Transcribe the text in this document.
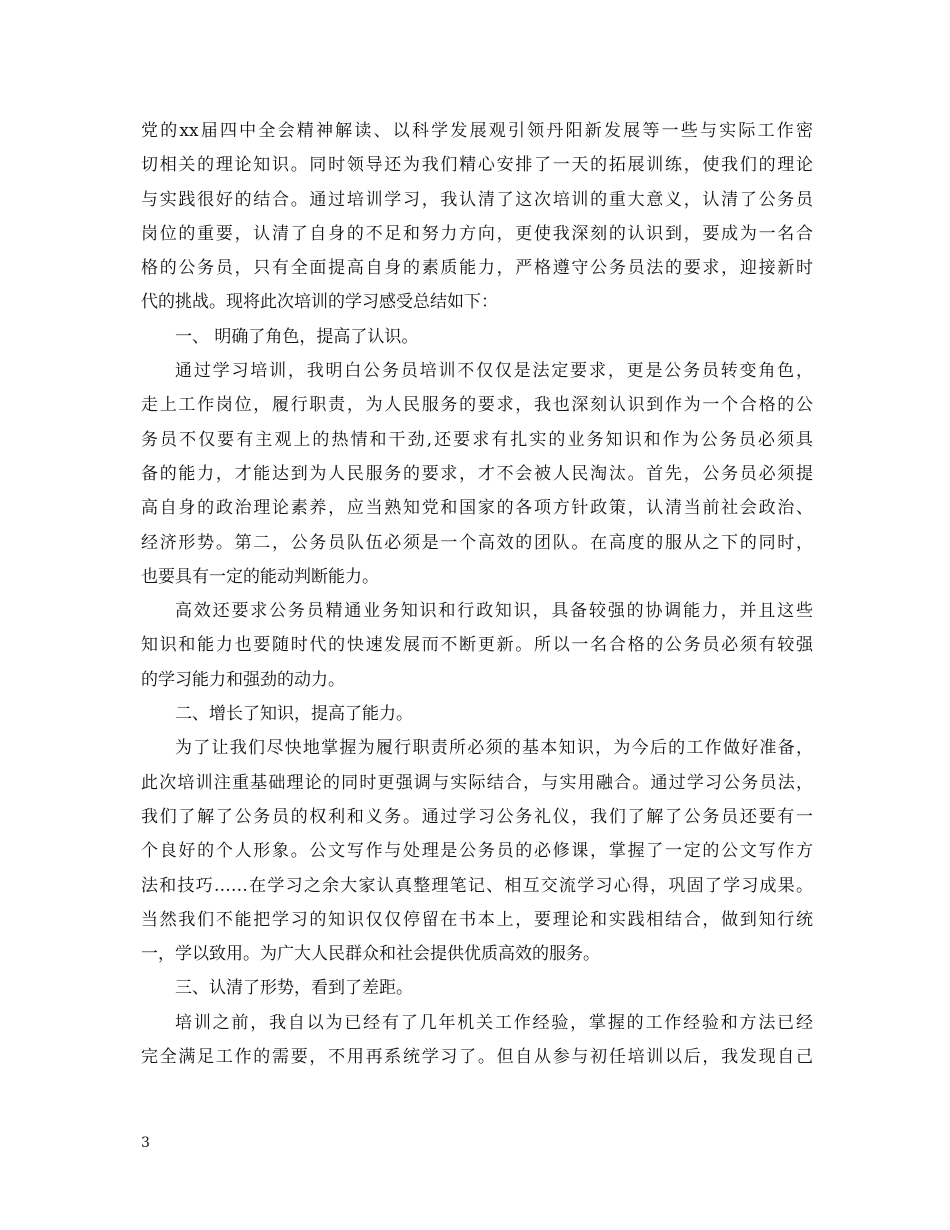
党的xx届四中全会精神解读、以科学发展观引领丹阳新发展等一些与实际工作密
切相关的理论知识。同时领导还为我们精心安排了一天的拓展训练，使我们的理论
与实践很好的结合。通过培训学习，我认清了这次培训的重大意义，认清了公务员
岗位的重要，认清了自身的不足和努力方向，更使我深刻的认识到，要成为一名合
格的公务员，只有全面提高自身的素质能力，严格遵守公务员法的要求，迎接新时
代的挑战。现将此次培训的学习感受总结如下：
一、 明确了角色，提高了认识。
通过学习培训，我明白公务员培训不仅仅是法定要求，更是公务员转变角色，
走上工作岗位，履行职责，为人民服务的要求，我也深刻认识到作为一个合格的公
务员不仅要有主观上的热情和干劲,还要求有扎实的业务知识和作为公务员必须具
备的能力，才能达到为人民服务的要求，才不会被人民淘汰。首先，公务员必须提
高自身的政治理论素养，应当熟知党和国家的各项方针政策，认清当前社会政治、
经济形势。第二，公务员队伍必须是一个高效的团队。在高度的服从之下的同时，
也要具有一定的能动判断能力。
高效还要求公务员精通业务知识和行政知识，具备较强的协调能力，并且这些
知识和能力也要随时代的快速发展而不断更新。所以一名合格的公务员必须有较强
的学习能力和强劲的动力。
二、增长了知识，提高了能力。
为了让我们尽快地掌握为履行职责所必须的基本知识，为今后的工作做好准备，
此次培训注重基础理论的同时更强调与实际结合，与实用融合。通过学习公务员法，
我们了解了公务员的权利和义务。通过学习公务礼仪，我们了解了公务员还要有一
个良好的个人形象。公文写作与处理是公务员的必修课，掌握了一定的公文写作方
法和技巧……在学习之余大家认真整理笔记、相互交流学习心得，巩固了学习成果。
当然我们不能把学习的知识仅仅停留在书本上，要理论和实践相结合，做到知行统
一，学以致用。为广大人民群众和社会提供优质高效的服务。
三、认清了形势，看到了差距。
培训之前，我自以为已经有了几年机关工作经验，掌握的工作经验和方法已经
完全满足工作的需要，不用再系统学习了。但自从参与初任培训以后，我发现自己
3
